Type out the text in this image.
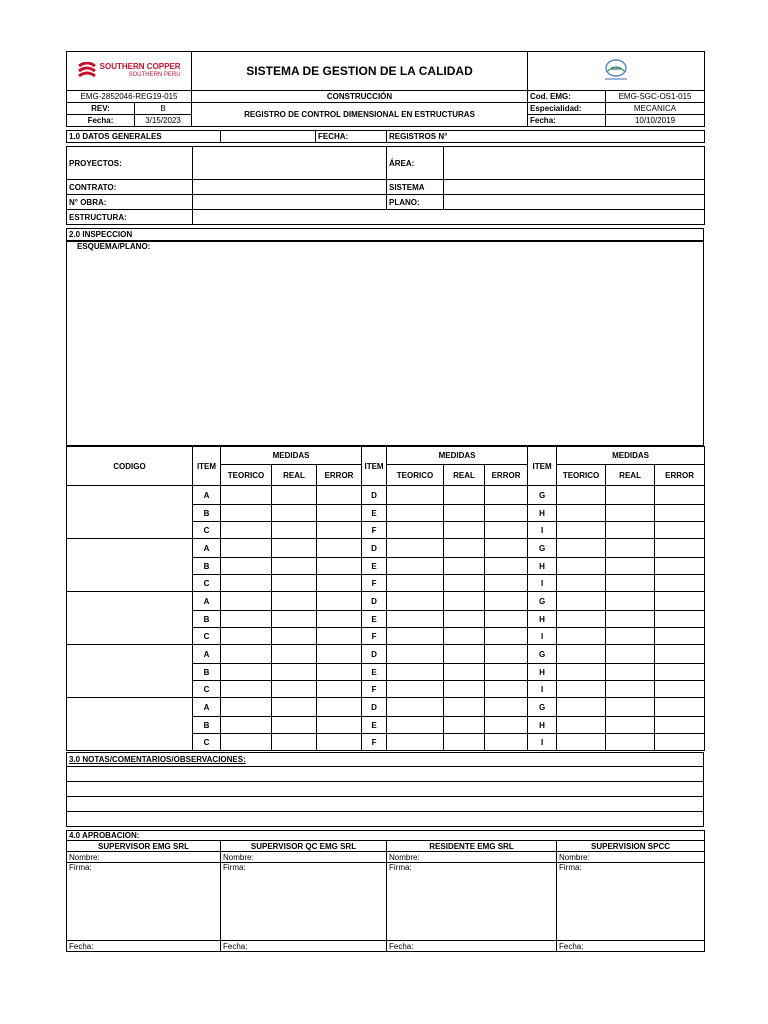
SOUTHERN COPPER
SOUTHERN PERU		SISTEMA DE GESTION DE LA CALIDAD	EMG	

EMG-2852046-REG19-015		CONSTRUCCIÓN	Cod. EMG:	EMG-SGC-OS1-015
REV:	B	REGISTRO DE CONTROL DIMENSIONAL EN ESTRUCTURAS	Especialidad:	MECANICA
Fecha:	3/15/2023		Fecha:	10/10/2019
1.0 DATOS GENERALES		FECHA:	REGISTROS N°
PROYECTOS:		ÁREA:	
CONTRATO:		SISTEMA	
N° OBRA:		PLANO:	
ESTRUCTURA:			
2.0 INSPECCION
ESQUEMA/PLANO:
CODIGO	ITEM	MEDIDAS			ITEM	MEDIDAS			ITEM	MEDIDAS		
		TEORICO	REAL	ERROR		TEORICO	REAL	ERROR		TEORICO	REAL	ERROR
	A				D				G			
	B				E				H			
	C				F				I			
	A				D				G			
	B				E				H			
	C				F				I			
	A				D				G			
	B				E				H			
	C				F				I			
	A				D				G			
	B				E				H			
	C				F				I			
	A				D				G			
	B				E				H			
	C				F				I			
3.0 NOTAS/COMENTARIOS/OBSERVACIONES:

4.0 APROBACION:			
SUPERVISOR EMG SRL	SUPERVISOR QC EMG SRL	RESIDENTE EMG SRL	SUPERVISION SPCC
Nombre:	Nombre:	Nombre:	Nombre:
Firma:	Firma:	Firma:	Firma:
Fecha:	Fecha:	Fecha:	Fecha:
